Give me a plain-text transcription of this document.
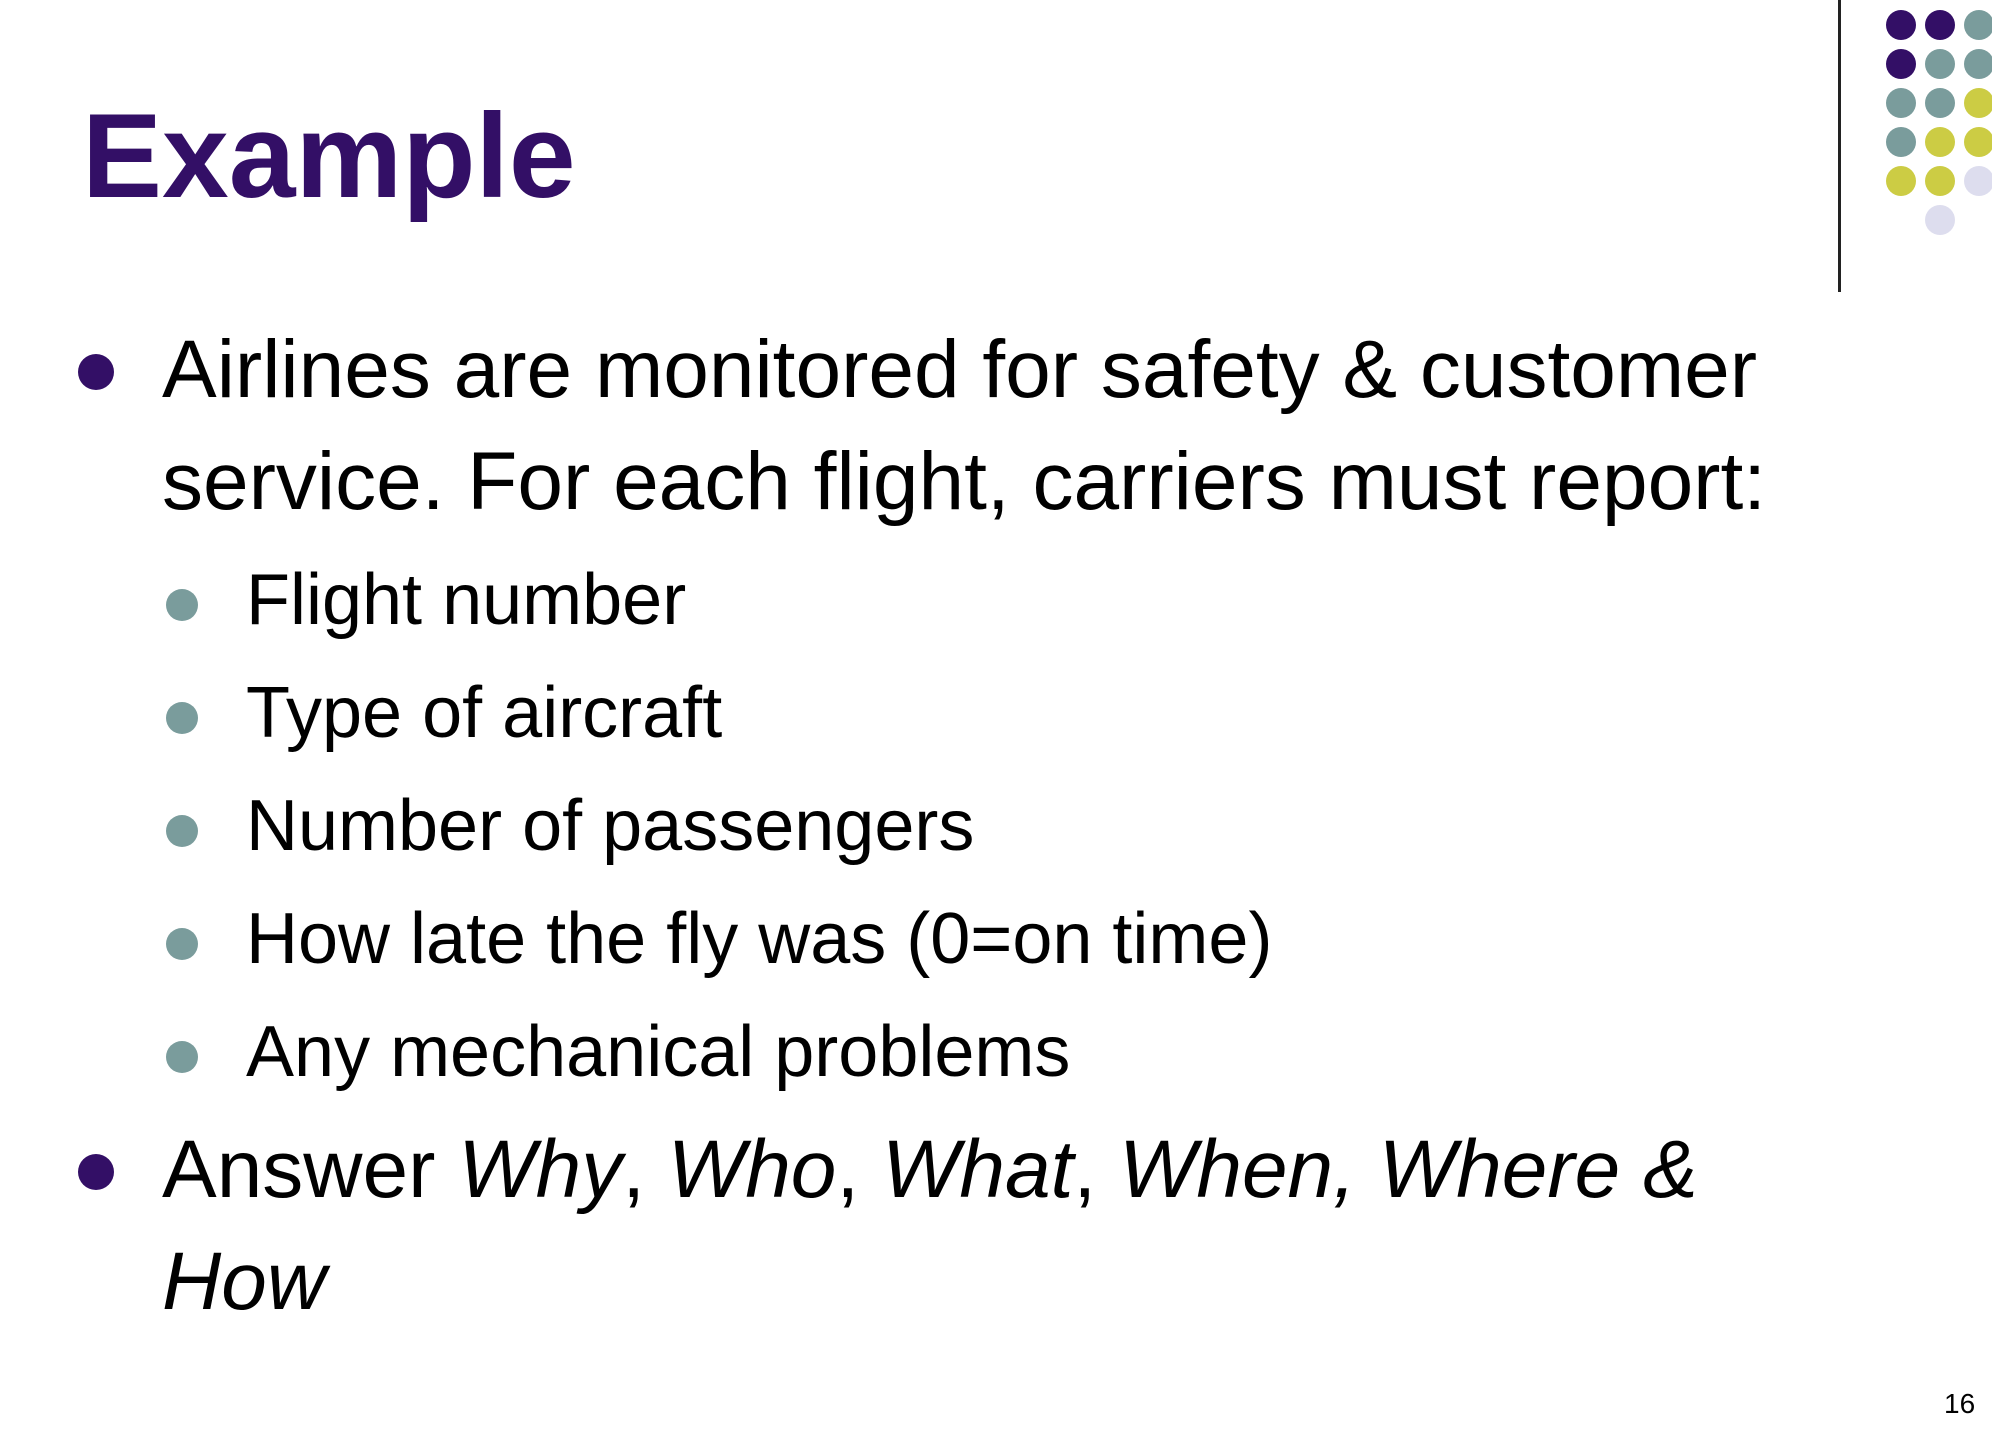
Example
Airlines are monitored for safety & customer
service. For each flight, carriers must report:
Flight number
Type of aircraft
Number of passengers
How late the fly was (0=on time)
Any mechanical problems
Answer Why, Who, What, When, Where &
How
16
